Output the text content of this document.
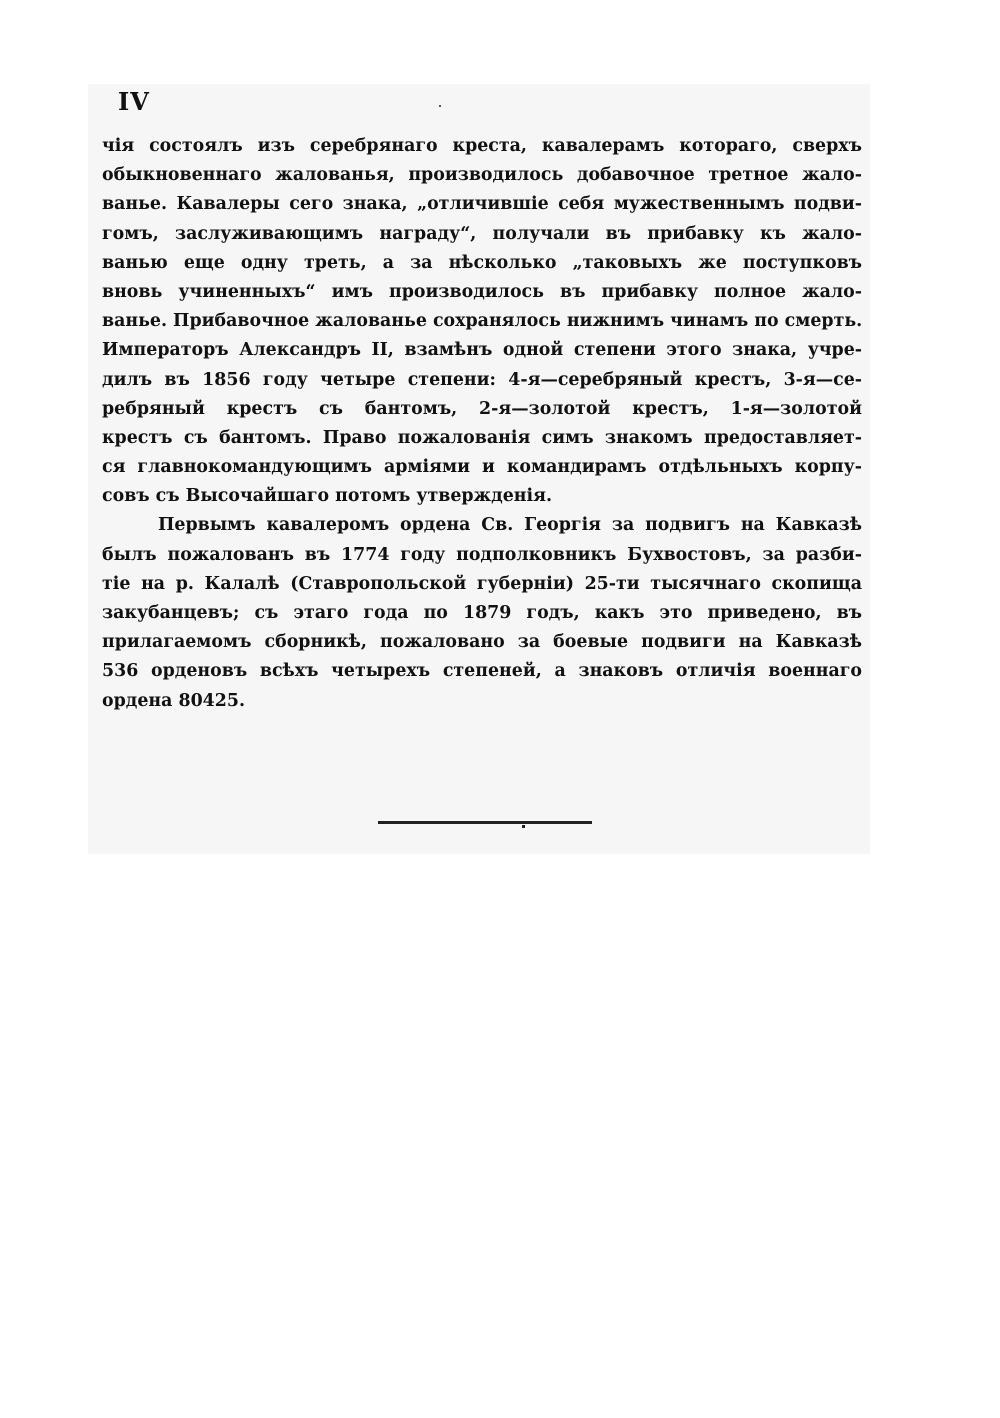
IV
чія состоялъ изъ серебрянаго креста, кавалерамъ котораго, сверхъ
обыкновеннаго жалованья, производилось добавочное третное жало-
ванье. Кавалеры сего знака, „отличившіе себя мужественнымъ подви-
гомъ, заслуживающимъ награду“, получали въ прибавку къ жало-
ванью еще одну треть, а за нѣсколько „таковыхъ же поступковъ
вновь учиненныхъ“ имъ производилось въ прибавку полное жало-
ванье. Прибавочное жалованье сохранялось нижнимъ чинамъ по смерть.
Императоръ Александръ II, взамѣнъ одной степени этого знака, учре-
дилъ въ 1856 году четыре степени: 4-я—серебряный крестъ, 3-я—се-
ребряный крестъ съ бантомъ, 2-я—золотой крестъ, 1-я—золотой
крестъ съ бантомъ. Право пожалованія симъ знакомъ предоставляет-
ся главнокомандующимъ арміями и командирамъ отдѣльныхъ корпу-
совъ съ Высочайшаго потомъ утвержденія.
Первымъ кавалеромъ ордена Св. Георгія за подвигъ на Кавказѣ
былъ пожалованъ въ 1774 году подполковникъ Бухвостовъ, за разби-
тіе на р. Калалѣ (Ставропольской губерніи) 25-ти тысячнаго скопища
закубанцевъ; съ этаго года по 1879 годъ, какъ это приведено, въ
прилагаемомъ сборникѣ, пожаловано за боевые подвиги на Кавказѣ
536 орденовъ всѣхъ четырехъ степеней, а знаковъ отличія военнаго
ордена 80425.
